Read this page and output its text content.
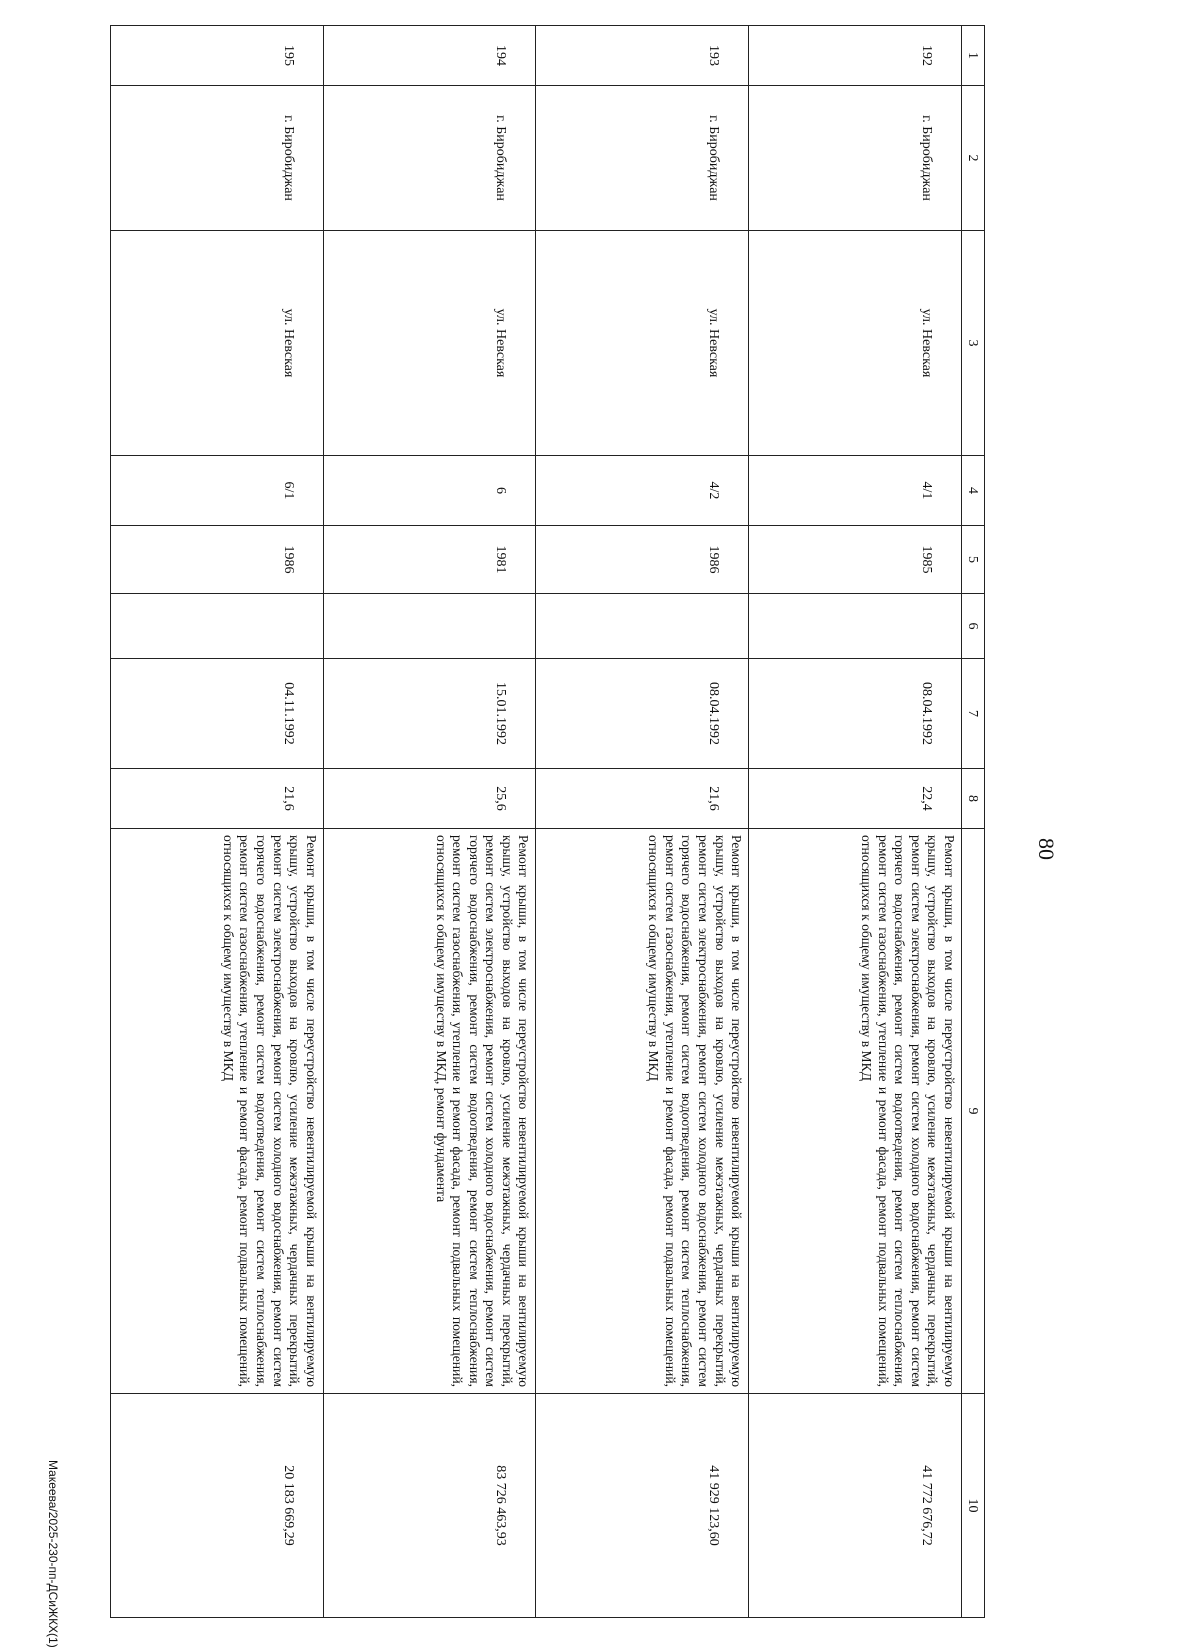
80
1	2	3	4	5	6	7	8	9	10
192	г. Биробиджан	ул. Невская	4/1	1985		08.04.1992	22,4	Ремонт крыши, в том числе переустройство невентилируемой крыши на вентилируемую крышу, устройство выходов на кровлю, усиление межэтажных, чердачных перекрытий, ремонт систем электроснабжения, ремонт систем холодного водоснабжения, ремонт систем горячего водоснабжения, ремонт систем водоотведения, ремонт систем теплоснабжения, ремонт систем газоснабжения, утепление и ремонт фасада, ремонт подвальных помещений, относящихся к общему имуществу в МКД	41 772 676,72
193	г. Биробиджан	ул. Невская	4/2	1986		08.04.1992	21,6	Ремонт крыши, в том числе переустройство невентилируемой крыши на вентилируемую крышу, устройство выходов на кровлю, усиление межэтажных, чердачных перекрытий, ремонт систем электроснабжения, ремонт систем холодного водоснабжения, ремонт систем горячего водоснабжения, ремонт систем водоотведения, ремонт систем теплоснабжения, ремонт систем газоснабжения, утепление и ремонт фасада, ремонт подвальных помещений, относящихся к общему имуществу в МКД	41 929 123,60
194	г. Биробиджан	ул. Невская	6	1981		15.01.1992	25,6	Ремонт крыши, в том числе переустройство невентилируемой крыши на вентилируемую крышу, устройство выходов на кровлю, усиление межэтажных, чердачных перекрытий, ремонт систем электроснабжения, ремонт систем холодного водоснабжения, ремонт систем горячего водоснабжения, ремонт систем водоотведения, ремонт систем теплоснабжения, ремонт систем газоснабжения, утепление и ремонт фасада, ремонт подвальных помещений, относящихся к общему имуществу в МКД, ремонт фундамента	83 726 463,93
195	г. Биробиджан	ул. Невская	6/1	1986		04.11.1992	21,6	Ремонт крыши, в том числе переустройство невентилируемой крыши на вентилируемую крышу, устройство выходов на кровлю, усиление межэтажных, чердачных перекрытий, ремонт систем электроснабжения, ремонт систем холодного водоснабжения, ремонт систем горячего водоснабжения, ремонт систем водоотведения, ремонт систем теплоснабжения, ремонт систем газоснабжения, утепление и ремонт фасада, ремонт подвальных помещений, относящихся к общему имуществу в МКД	20 183 669,29
Макеева/2025-230-пп-ДСиЖКХ(1)
